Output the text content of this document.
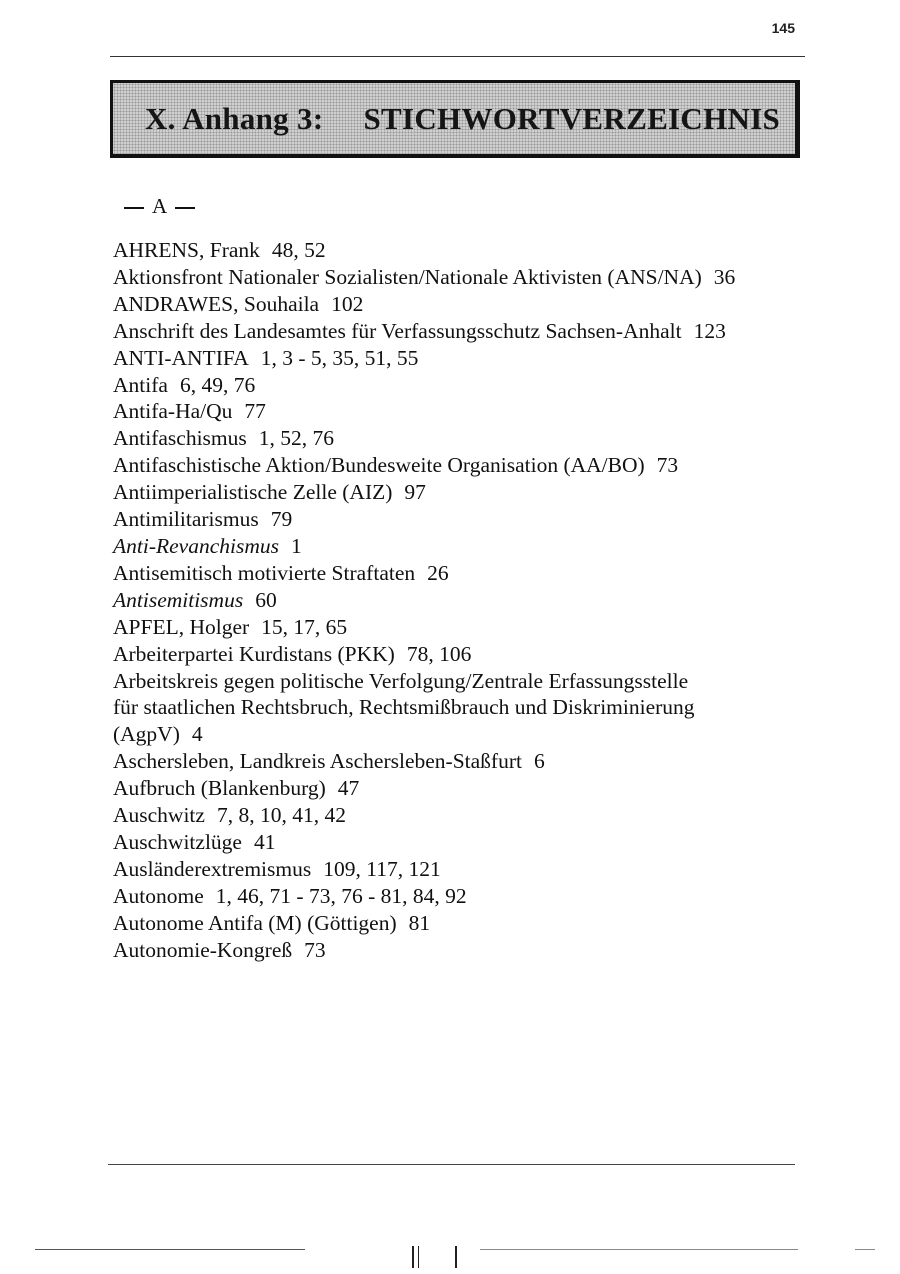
145
X. Anhang 3: STICHWORTVERZEICHNIS
A
AHRENS, Frank 48, 52
Aktionsfront Nationaler Sozialisten/Nationale Aktivisten (ANS/NA) 36
ANDRAWES, Souhaila 102
Anschrift des Landesamtes für Verfassungsschutz Sachsen-Anhalt 123
ANTI-ANTIFA 1, 3 - 5, 35, 51, 55
Antifa 6, 49, 76
Antifa-Ha/Qu 77
Antifaschismus 1, 52, 76
Antifaschistische Aktion/Bundesweite Organisation (AA/BO) 73
Antiimperialistische Zelle (AIZ) 97
Antimilitarismus 79
Anti-Revanchismus 1
Antisemitisch motivierte Straftaten 26
Antisemitismus 60
APFEL, Holger 15, 17, 65
Arbeiterpartei Kurdistans (PKK) 78, 106
Arbeitskreis gegen politische Verfolgung/Zentrale Erfassungsstelle
für staatlichen Rechtsbruch, Rechtsmißbrauch und Diskriminierung
(AgpV) 4
Aschersleben, Landkreis Aschersleben-Staßfurt 6
Aufbruch (Blankenburg) 47
Auschwitz 7, 8, 10, 41, 42
Auschwitzlüge 41
Ausländerextremismus 109, 117, 121
Autonome 1, 46, 71 - 73, 76 - 81, 84, 92
Autonome Antifa (M) (Göttigen) 81
Autonomie-Kongreß 73
